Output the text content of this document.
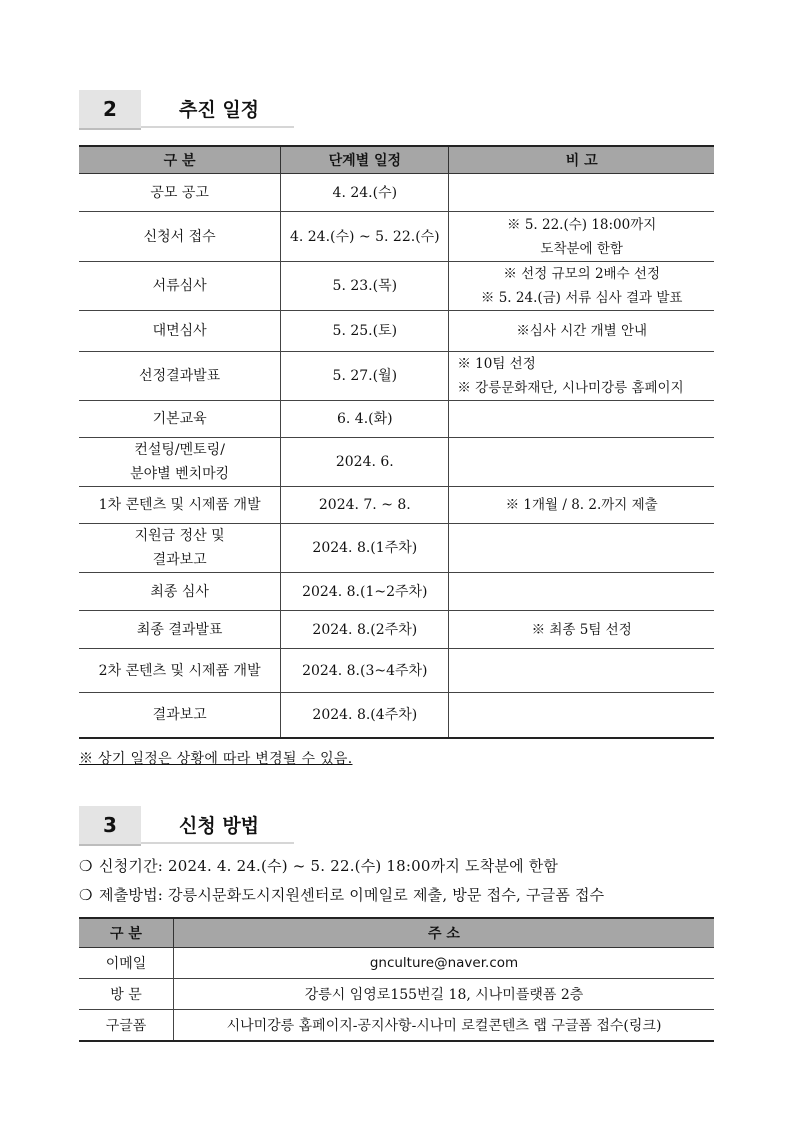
2	추진 일정
구 분	단계별 일정	비 고
공모 공고	4. 24.(수)	
신청서 접수	4. 24.(수) ~ 5. 22.(수)	※ 5. 22.(수) 18:00까지
도착분에 한함
서류심사	5. 23.(목)	※ 선정 규모의 2배수 선정
※ 5. 24.(금) 서류 심사 결과 발표
대면심사	5. 25.(토)	※심사 시간 개별 안내
선정결과발표	5. 27.(월)	※ 10팀 선정
※ 강릉문화재단, 시나미강릉 홈페이지
기본교육	6. 4.(화)	
컨설팅/멘토링/
분야별 벤치마킹	2024. 6.	
1차 콘텐츠 및 시제품 개발	2024. 7. ~ 8.	※ 1개월 / 8. 2.까지 제출
지원금 정산 및
결과보고	2024. 8.(1주차)	
최종 심사	2024. 8.(1~2주차)	
최종 결과발표	2024. 8.(2주차)	※ 최종 5팀 선정
2차 콘텐츠 및 시제품 개발	2024. 8.(3~4주차)	
결과보고	2024. 8.(4주차)	
※ 상기 일정은 상황에 따라 변경될 수 있음.
3	신청 방법
❍ 신청기간: 2024. 4. 24.(수) ~ 5. 22.(수) 18:00까지 도착분에 한함
❍ 제출방법: 강릉시문화도시지원센터로 이메일로 제출, 방문 접수, 구글폼 접수
구 분	주 소
이메일	gnculture@naver.com
방 문	강릉시 임영로155번길 18, 시나미플랫폼 2층
구글폼	시나미강릉 홈페이지-공지사항-시나미 로컬콘텐츠 랩 구글폼 접수(링크)
